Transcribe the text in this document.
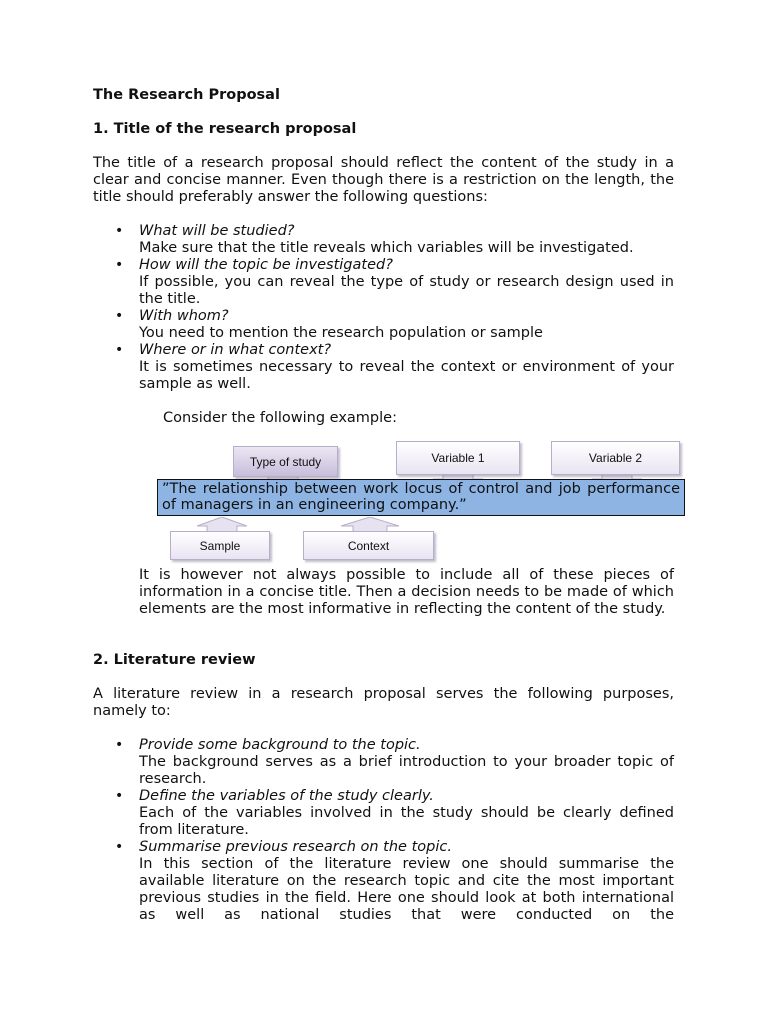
The Research Proposal
1. Title of the research proposal
The title of a research proposal should reflect the content of the study in a clear and concise manner. Even though there is a restriction on the length, the title should preferably answer the following questions:
• What will be studied?
Make sure that the title reveals which variables will be investigated.
• How will the topic be investigated?
If possible, you can reveal the type of study or research design used in the title.
• With whom?
You need to mention the research population or sample
• Where or in what context?
It is sometimes necessary to reveal the context or environment of your sample as well.
Consider the following example:
Type of study	Variable 1	Variable 2
”The relationship between work locus of control and job performance of managers in an engineering company.”
Sample	Context
It is however not always possible to include all of these pieces of information in a concise title. Then a decision needs to be made of which elements are the most informative in reflecting the content of the study.
2. Literature review
A literature review in a research proposal serves the following purposes, namely to:
• Provide some background to the topic.
The background serves as a brief introduction to your broader topic of research.
• Define the variables of the study clearly.
Each of the variables involved in the study should be clearly defined from literature.
• Summarise previous research on the topic.
In this section of the literature review one should summarise the available literature on the research topic and cite the most important previous studies in the field. Here one should look at both international as well as national studies that were conducted on the
